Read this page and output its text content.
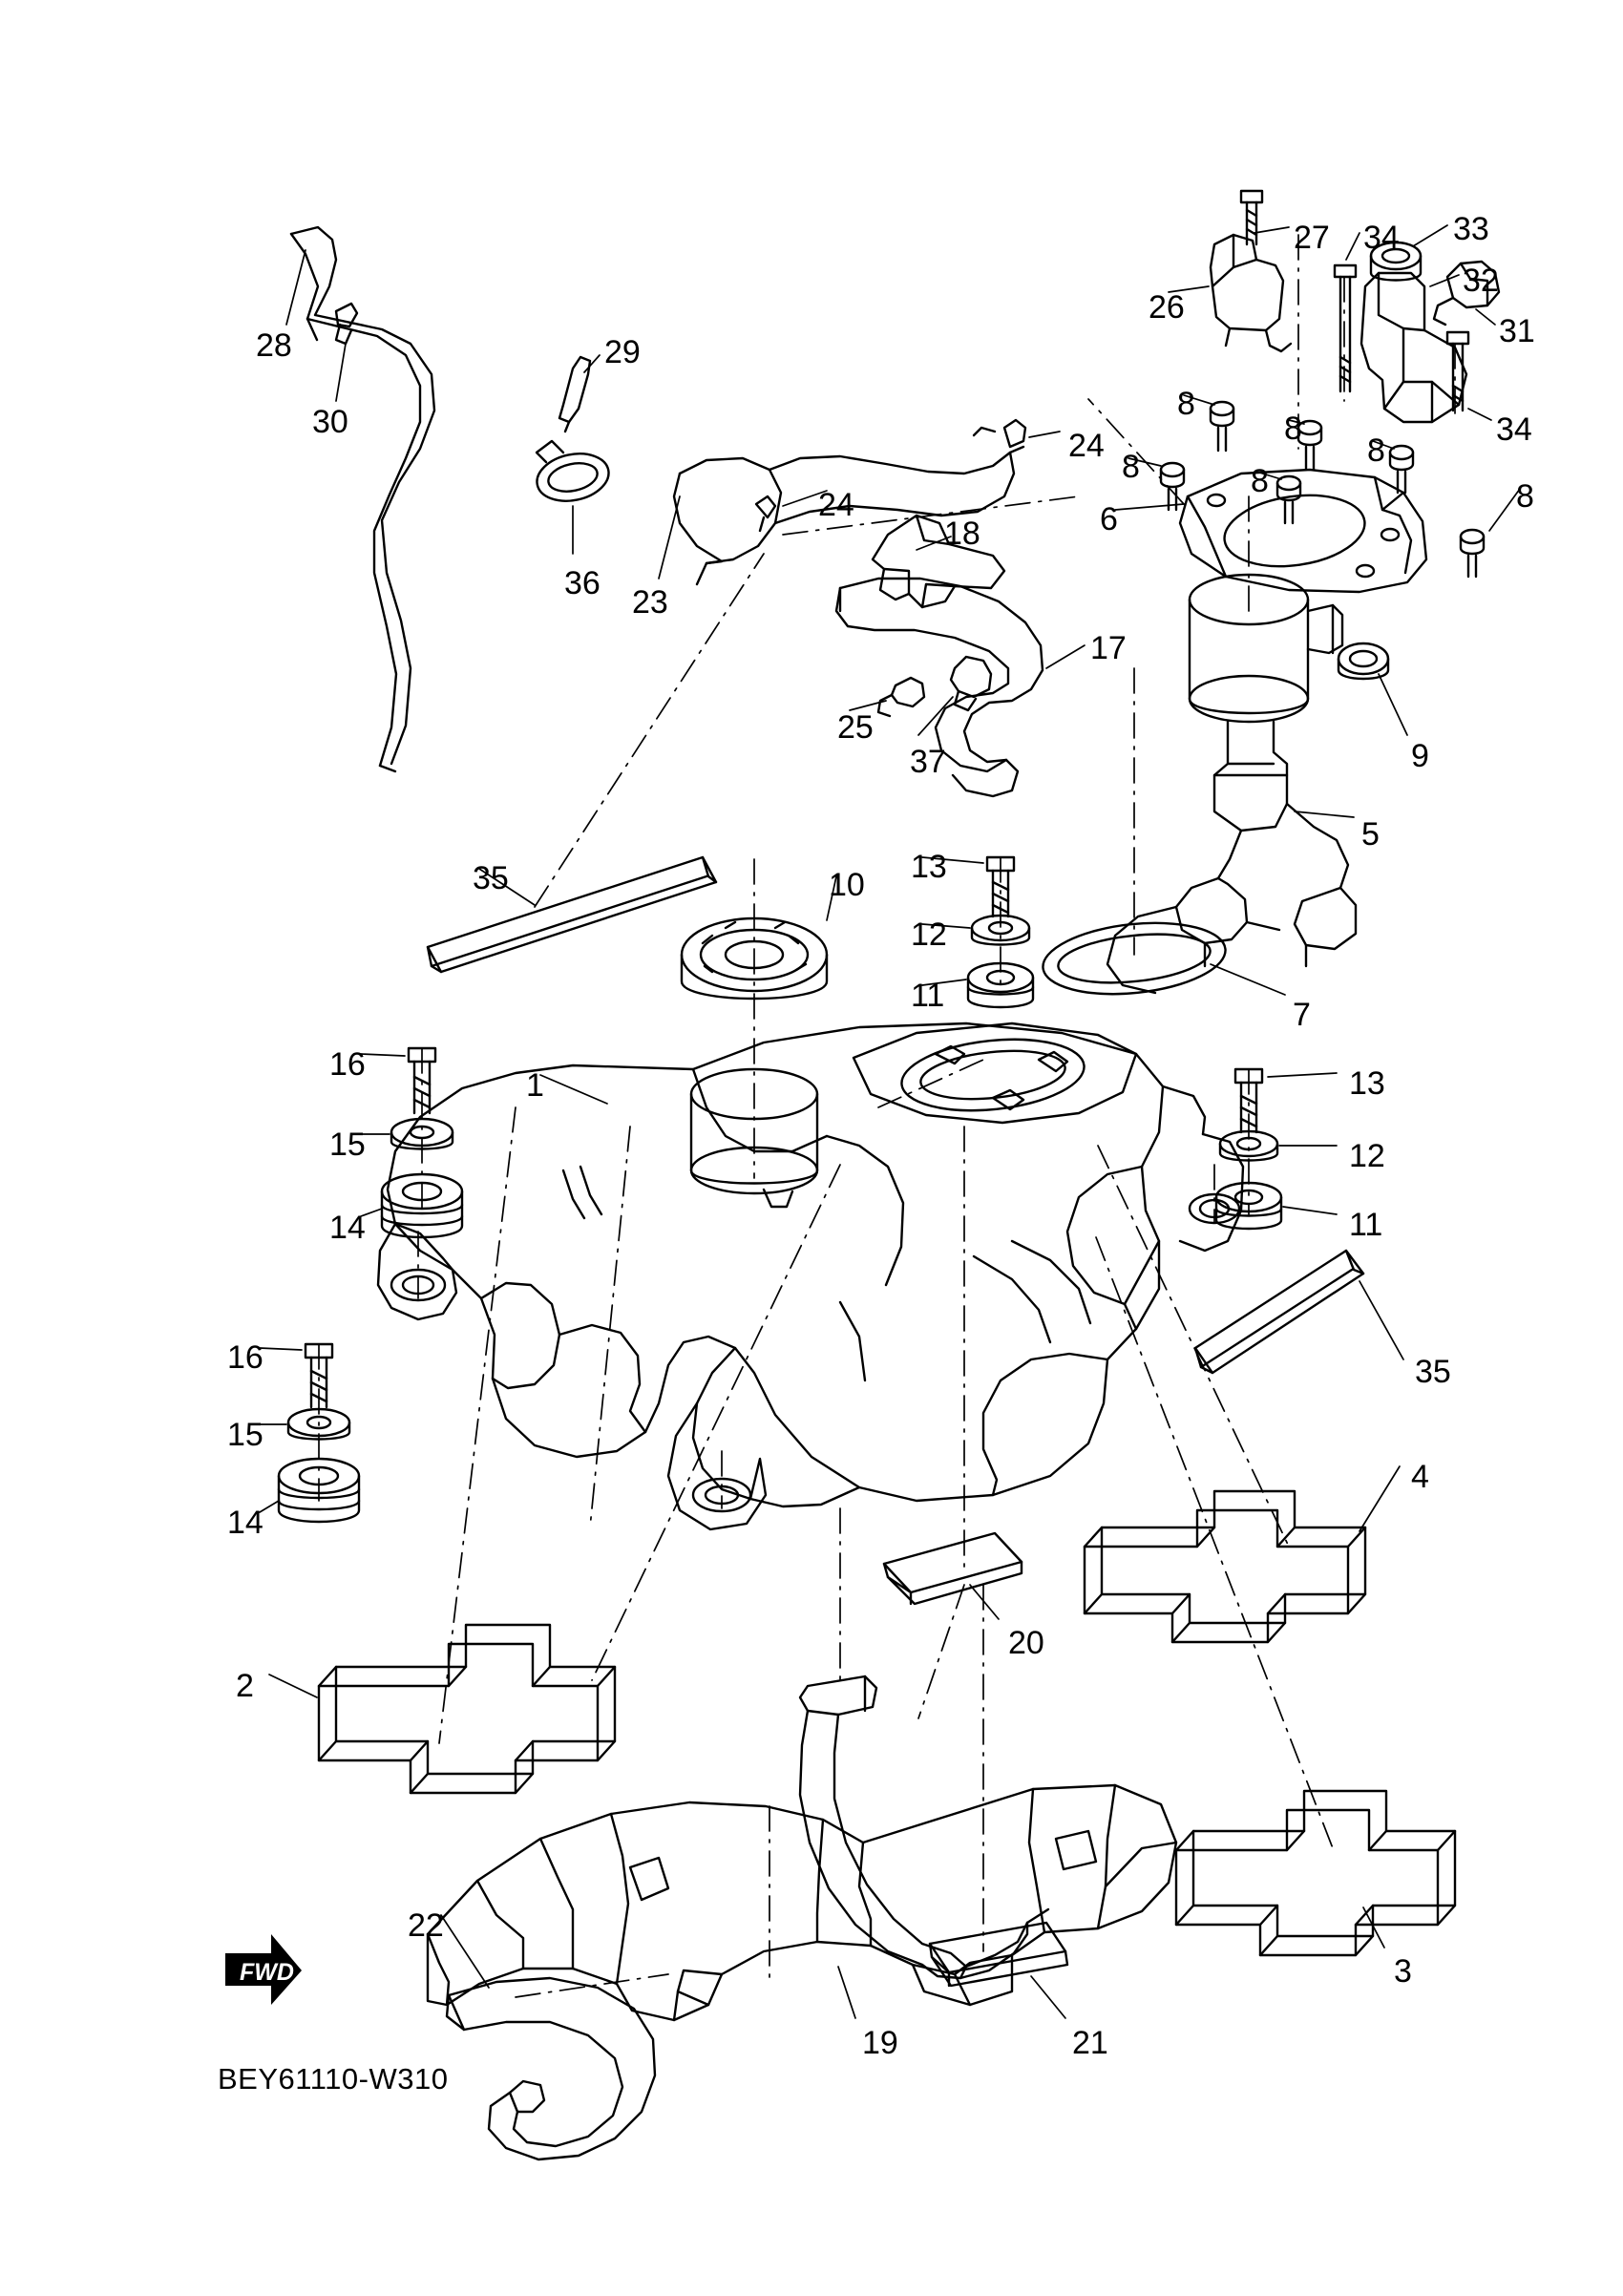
28
30
29
36
23
24
24
18
25
37
17
27 34 33
32
31
26
34
8
8
8	8
8
8
6
9
5
7
35	10 13
12
11
16
15
14
1	13
12
11
35
16
15
14
4
20
2
22
19	21
3
FWD
BEY61110-W310
